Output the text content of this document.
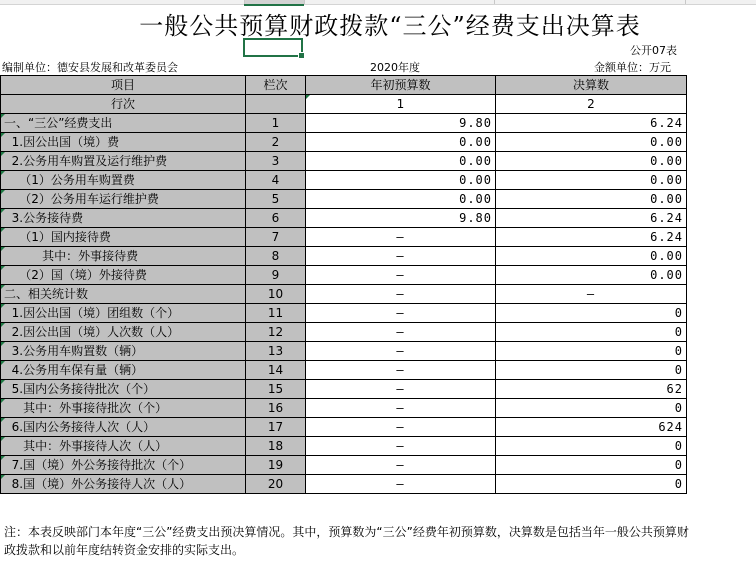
一般公共预算财政拨款“三公”经费支出决算表
公开07表
编制单位：德安县发展和改革委员会	2020年度	金额单位：万元
项目	栏次	年初预算数	决算数
行次		1	2
一、“三公”经费支出	1	9.80	6.24
1.因公出国（境）费	2	0.00	0.00
2.公务用车购置及运行维护费	3	0.00	0.00
（1）公务用车购置费	4	0.00	0.00
（2）公务用车运行维护费	5	0.00	0.00
3.公务接待费	6	9.80	6.24
（1）国内接待费	7	—	6.24
其中：外事接待费	8	—	0.00
（2）国（境）外接待费	9	—	0.00
二、相关统计数	10	—	—
1.因公出国（境）团组数（个）	11	—	0
2.因公出国（境）人次数（人）	12	—	0
3.公务用车购置数（辆）	13	—	0
4.公务用车保有量（辆）	14	—	0
5.国内公务接待批次（个）	15	—	62
其中：外事接待批次（个）	16	—	0
6.国内公务接待人次（人）	17	—	624
其中：外事接待人次（人）	18	—	0
7.国（境）外公务接待批次（个）	19	—	0
8.国（境）外公务接待人次（人）	20	—	0
注：本表反映部门本年度“三公”经费支出预决算情况。其中，预算数为“三公”经费年初预算数，决算数是包括当年一般公共预算财政拨款和以前年度结转资金安排的实际支出。
